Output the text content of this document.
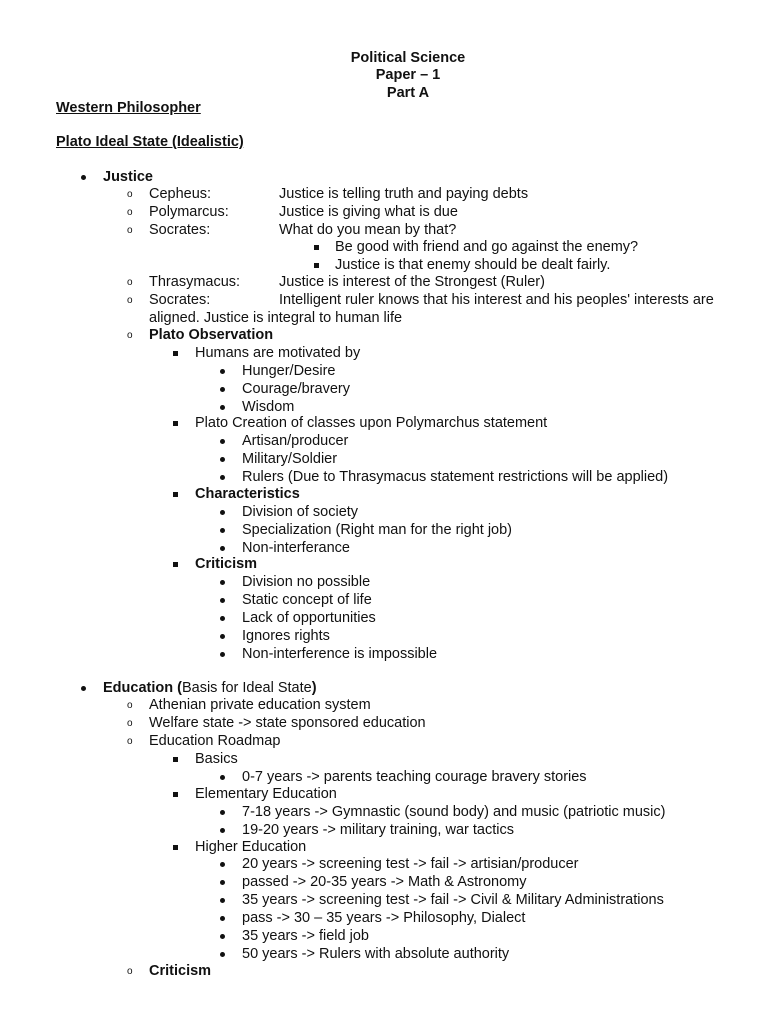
Political Science
Paper – 1
Part A
Western Philosopher
Plato Ideal State (Idealistic)
Justice
o Cepheus:	Justice is telling truth and paying debts
o Polymarcus:	Justice is giving what is due
o Socrates:	What do you mean by that?
Be good with friend and go against the enemy?
Justice is that enemy should be dealt fairly.
o Thrasymacus:	Justice is interest of the Strongest (Ruler)
o Socrates:	Intelligent ruler knows that his interest and his peoples' interests are
aligned. Justice is integral to human life
o Plato Observation
Humans are motivated by
Hunger/Desire
Courage/bravery
Wisdom
Plato Creation of classes upon Polymarchus statement
Artisan/producer
Military/Soldier
Rulers (Due to Thrasymacus statement restrictions will be applied)
Characteristics
Division of society
Specialization (Right man for the right job)
Non-interferance
Criticism
Division no possible
Static concept of life
Lack of opportunities
Ignores rights
Non-interference is impossible
Education (Basis for Ideal State)
o Athenian private education system
o Welfare state -> state sponsored education
o Education Roadmap
Basics
0-7 years -> parents teaching courage bravery stories
Elementary Education
7-18 years -> Gymnastic (sound body) and music (patriotic music)
19-20 years -> military training, war tactics
Higher Education
20 years -> screening test -> fail -> artisian/producer
passed -> 20-35 years -> Math & Astronomy
35 years -> screening test -> fail -> Civil & Military Administrations
pass -> 30 – 35 years -> Philosophy, Dialect
35 years -> field job
50 years -> Rulers with absolute authority
o Criticism
